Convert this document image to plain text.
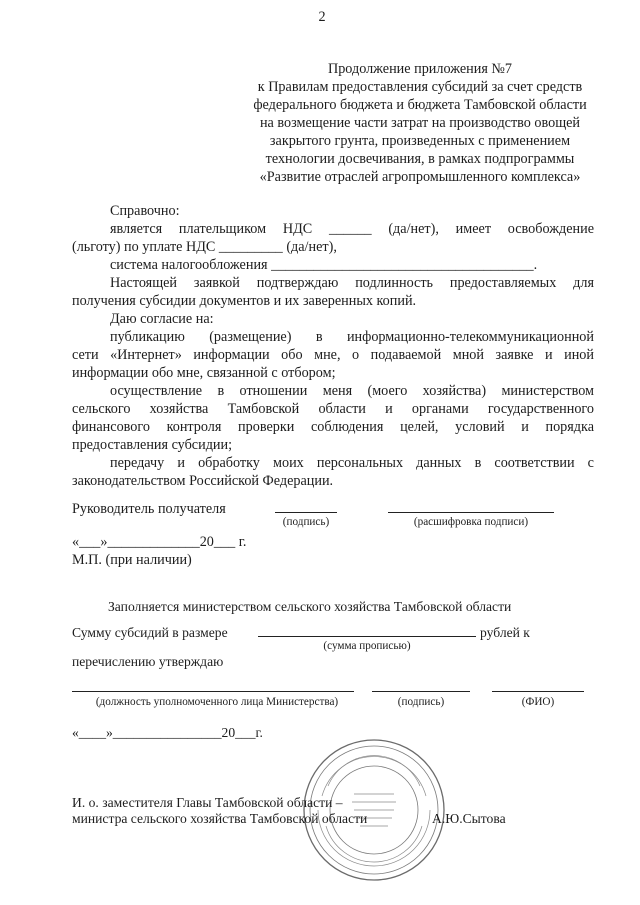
2
Продолжение приложения №7
к Правилам предоставления субсидий за счет средств
федерального бюджета и бюджета Тамбовской области
на возмещение части затрат на производство овощей
закрытого грунта, произведенных с применением
технологии досвечивания, в рамках подпрограммы
«Развитие отраслей агропромышленного комплекса»
Справочно:
является плательщиком НДС ______ (да/нет), имеет освобождение
(льготу) по уплате НДС _________ (да/нет),
система налогообложения _____________________________________.
Настоящей заявкой подтверждаю подлинность предоставляемых для
получения субсидии документов и их заверенных копий.
Даю согласие на:
публикацию (размещение) в информационно-телекоммуникационной
сети «Интернет» информации обо мне, о подаваемой мной заявке и иной
информации обо мне, связанной с отбором;
осуществление в отношении меня (моего хозяйства) министерством
сельского хозяйства Тамбовской области и органами государственного
финансового контроля проверки соблюдения целей, условий и порядка
предоставления субсидии;
передачу и обработку моих персональных данных в соответствии с
законодательством Российской Федерации.
Руководитель получателя
(подпись)	(расшифровка подписи)
«___»_____________20___ г.
М.П. (при наличии)
Заполняется министерством сельского хозяйства Тамбовской области
Сумму субсидий в размере	рублей к
(сумма прописью)
перечислению утверждаю
(должность уполномоченного лица Министерства)	(подпись)	(ФИО)
«____»________________20___г.
И. о. заместителя Главы Тамбовской области –
министра сельского хозяйства Тамбовской области	А.Ю.Сытова
